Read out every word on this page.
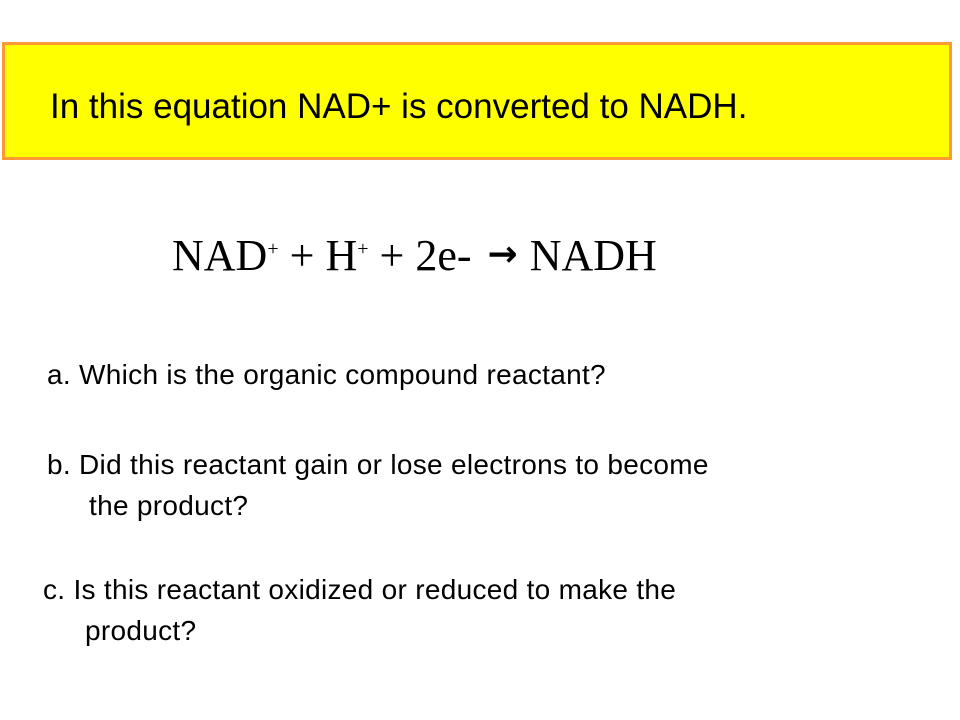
In this equation NAD+ is converted to NADH.
NAD+ + H+ + 2e- → NADH
a. Which is the organic compound reactant?
b. Did this reactant gain or lose electrons to become
the product?
c. Is this reactant oxidized or reduced to make the
product?
